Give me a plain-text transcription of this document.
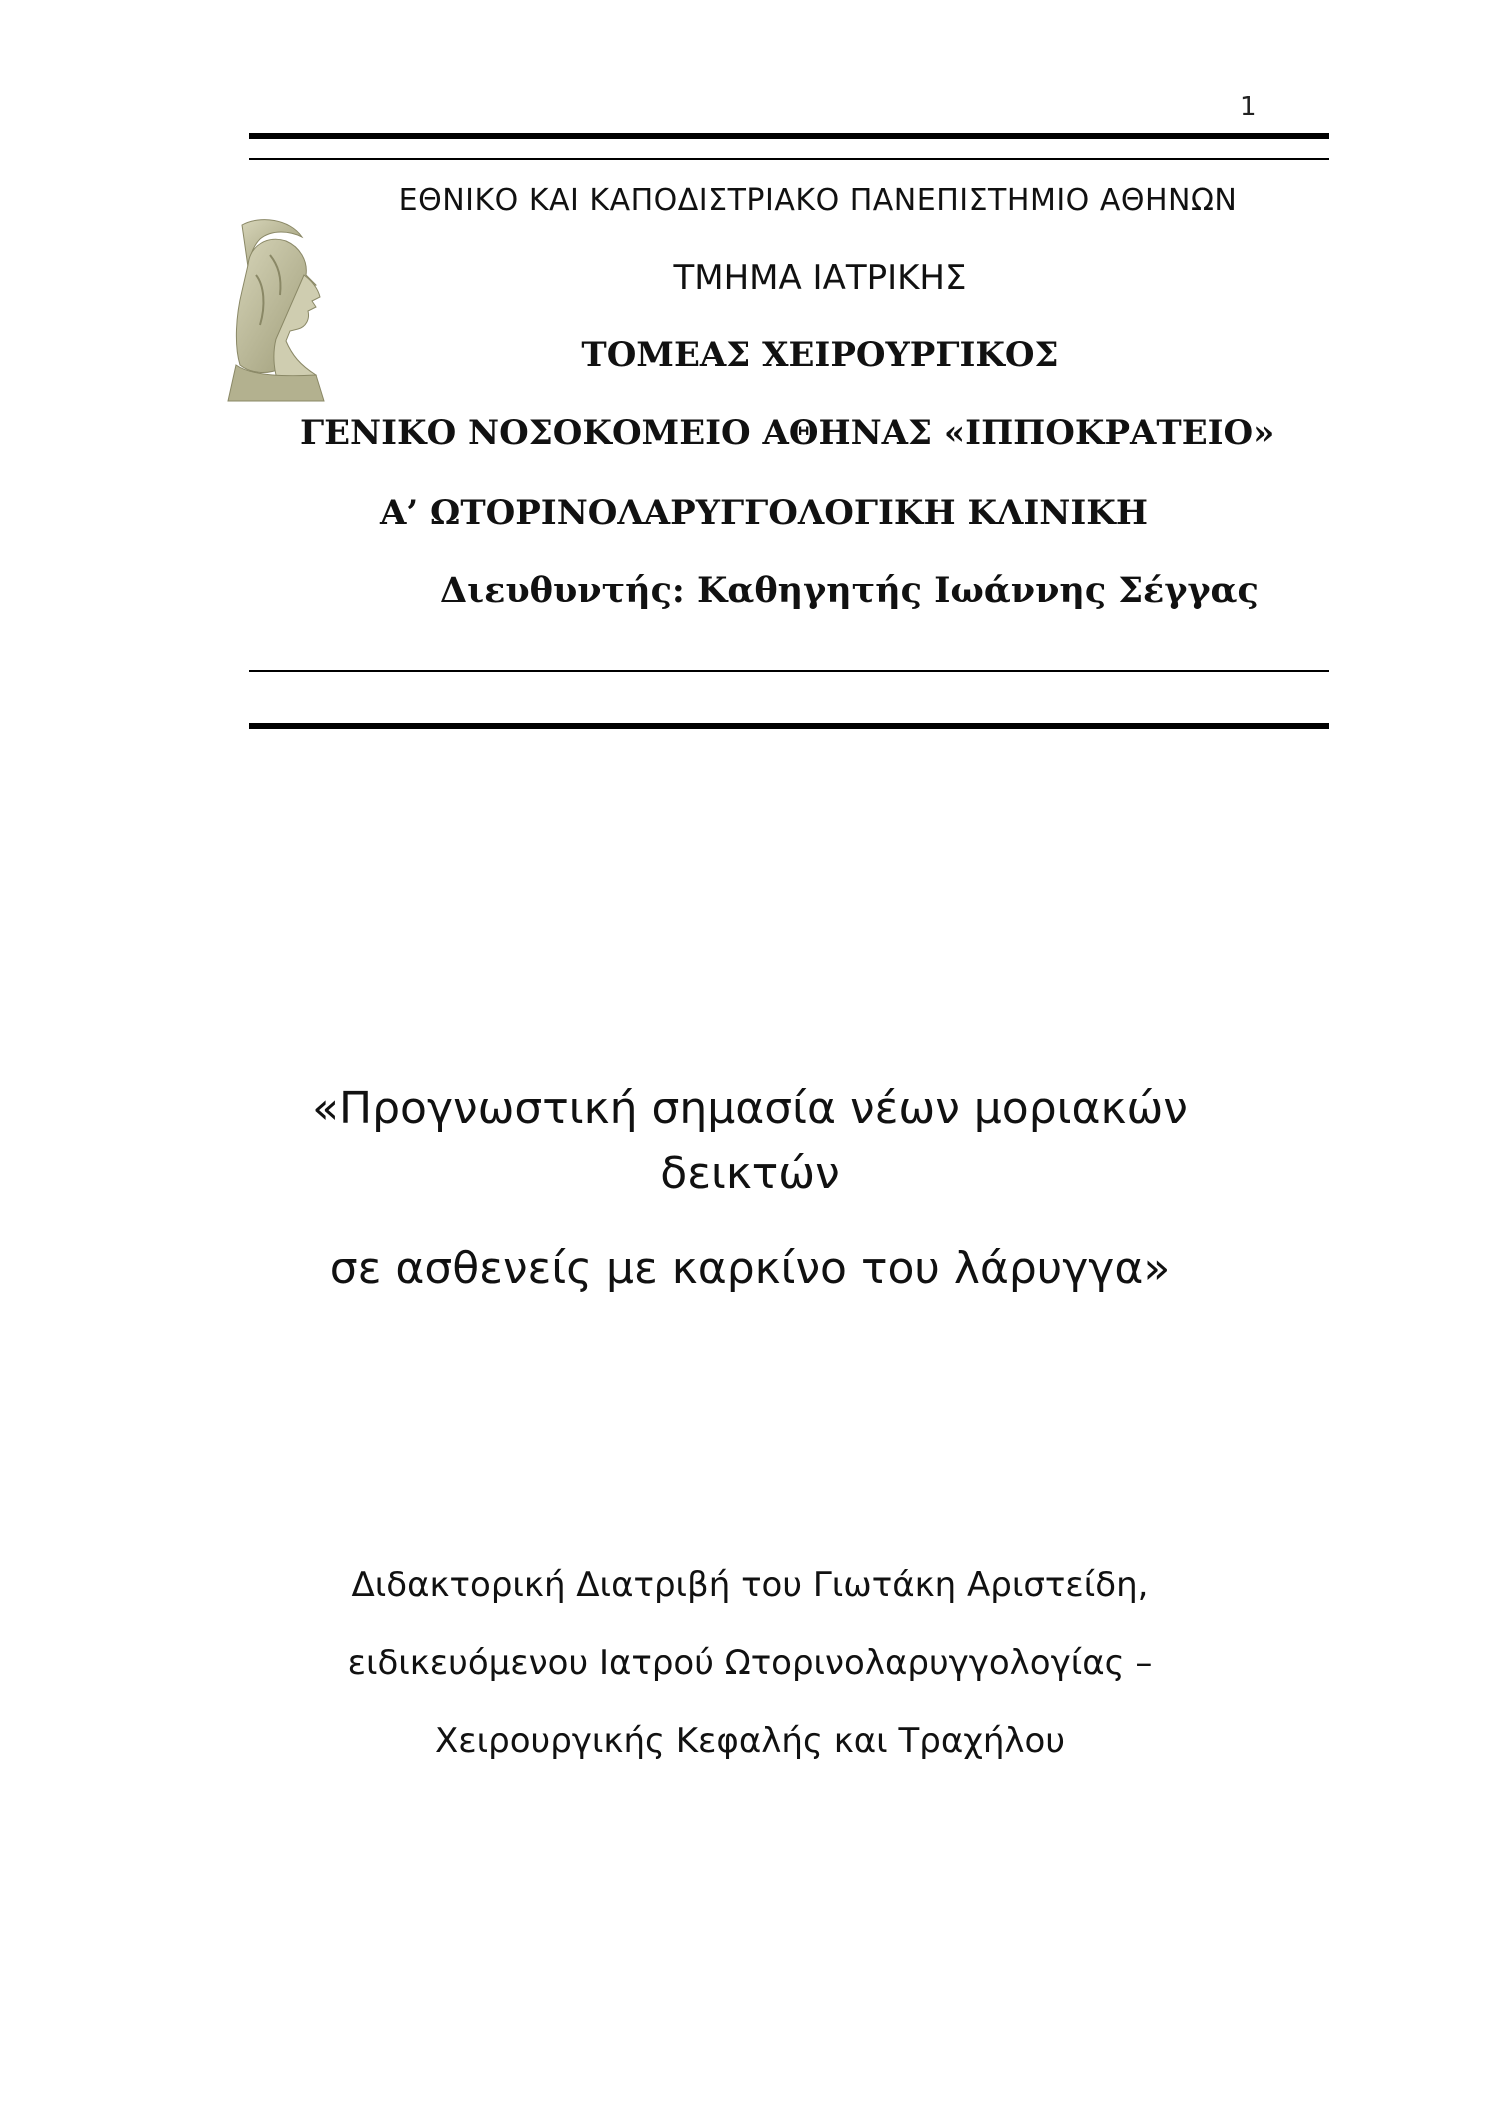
1
ΕΘΝΙΚΟ ΚΑΙ ΚΑΠΟΔΙΣΤΡΙΑΚΟ ΠΑΝΕΠΙΣΤΗΜΙΟ ΑΘΗΝΩΝ
ΤΜΗΜΑ ΙΑΤΡΙΚΗΣ
ΤΟΜΕΑΣ ΧΕΙΡΟΥΡΓΙΚΟΣ
ΓΕΝΙΚΟ ΝΟΣΟΚΟΜΕΙΟ ΑΘΗΝΑΣ «ΙΠΠΟΚΡΑΤΕΙΟ»
Α’ ΩΤΟΡΙΝΟΛΑΡΥΓΓΟΛΟΓΙΚΗ ΚΛΙΝΙΚΗ
Διευθυντής: Καθηγητής Ιωάννης Σέγγας
«Προγνωστική σημασία νέων μοριακών
δεικτών
σε ασθενείς με καρκίνο του λάρυγγα»
Διδακτορική Διατριβή του Γιωτάκη Αριστείδη,
ειδικευόμενου Ιατρού Ωτορινολαρυγγολογίας –
Χειρουργικής Κεφαλής και Τραχήλου
